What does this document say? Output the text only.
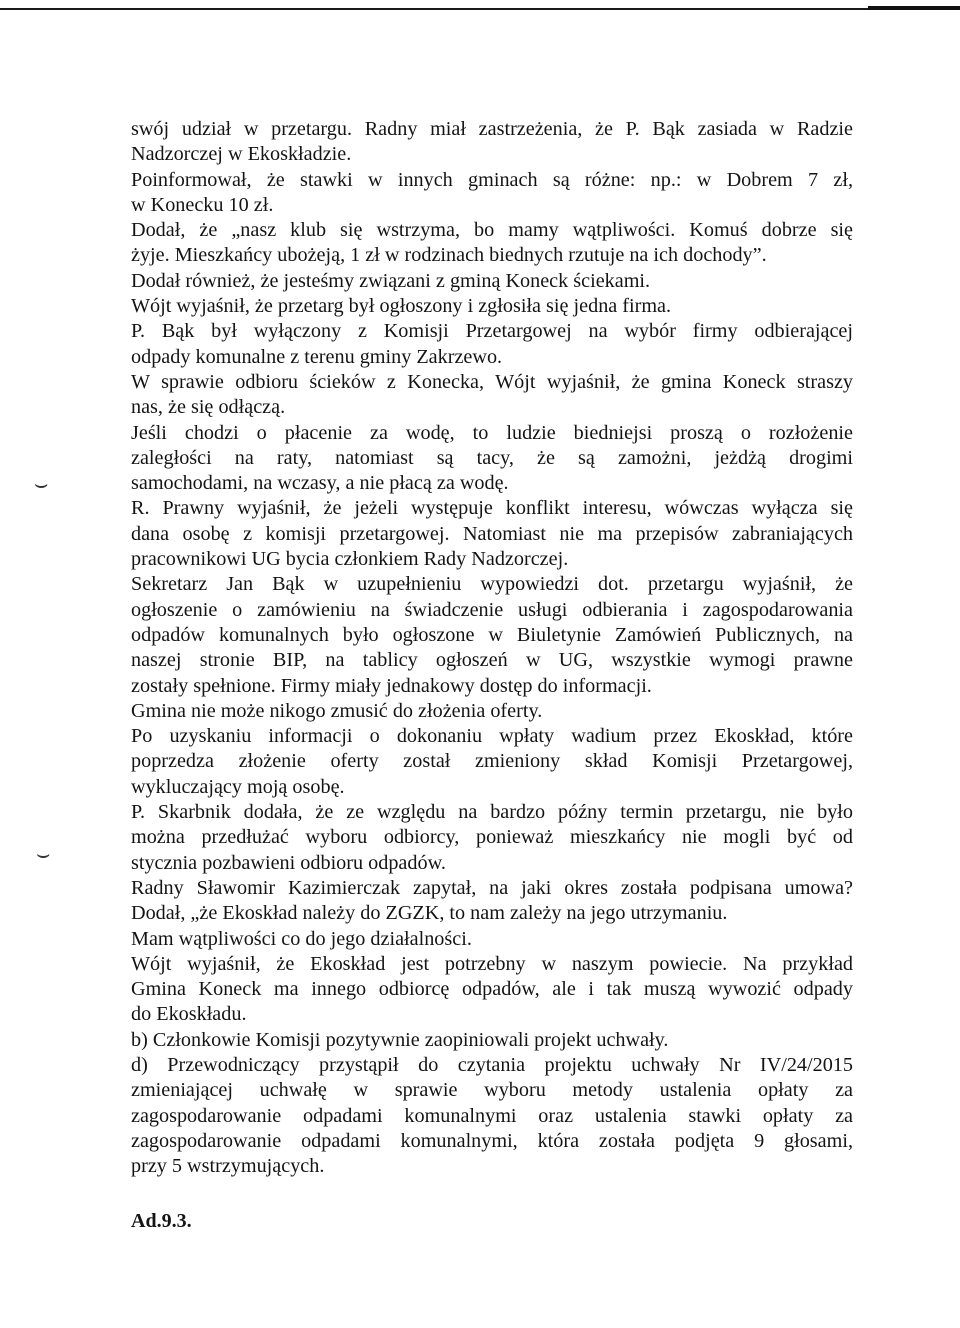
⌣
⌣
swój udział w przetargu. Radny miał zastrzeżenia, że P. Bąk zasiada w Radzie
Nadzorczej w Ekoskładzie.
Poinformował, że stawki w innych gminach są różne: np.: w Dobrem 7 zł,
w Konecku 10 zł.
Dodał, że „nasz klub się wstrzyma, bo mamy wątpliwości. Komuś dobrze się
żyje. Mieszkańcy ubożeją, 1 zł w rodzinach biednych rzutuje na ich dochody”.
Dodał również, że jesteśmy związani z gminą Koneck ściekami.
Wójt wyjaśnił, że przetarg był ogłoszony i zgłosiła się jedna firma.
P. Bąk był wyłączony z Komisji Przetargowej na wybór firmy odbierającej
odpady komunalne z terenu gminy Zakrzewo.
W sprawie odbioru ścieków z Konecka, Wójt wyjaśnił, że gmina Koneck straszy
nas, że się odłączą.
Jeśli chodzi o płacenie za wodę, to ludzie biedniejsi proszą o rozłożenie
zaległości na raty, natomiast są tacy, że są zamożni, jeżdżą drogimi
samochodami, na wczasy, a nie płacą za wodę.
R. Prawny wyjaśnił, że jeżeli występuje konflikt interesu, wówczas wyłącza się
dana osobę z komisji przetargowej. Natomiast nie ma przepisów zabraniających
pracownikowi UG bycia członkiem Rady Nadzorczej.
Sekretarz Jan Bąk w uzupełnieniu wypowiedzi dot. przetargu wyjaśnił, że
ogłoszenie o zamówieniu na świadczenie usługi odbierania i zagospodarowania
odpadów komunalnych było ogłoszone w Biuletynie Zamówień Publicznych, na
naszej stronie BIP, na tablicy ogłoszeń w UG, wszystkie wymogi prawne
zostały spełnione. Firmy miały jednakowy dostęp do informacji.
Gmina nie może nikogo zmusić do złożenia oferty.
Po uzyskaniu informacji o dokonaniu wpłaty wadium przez Ekoskład, które
poprzedza złożenie oferty został zmieniony skład Komisji Przetargowej,
wykluczający moją osobę.
P. Skarbnik dodała, że ze względu na bardzo późny termin przetargu, nie było
można przedłużać wyboru odbiorcy, ponieważ mieszkańcy nie mogli być od
stycznia pozbawieni odbioru odpadów.
Radny Sławomir Kazimierczak zapytał, na jaki okres została podpisana umowa?
Dodał, „że Ekoskład należy do ZGZK, to nam zależy na jego utrzymaniu.
Mam wątpliwości co do jego działalności.
Wójt wyjaśnił, że Ekoskład jest potrzebny w naszym powiecie. Na przykład
Gmina Koneck ma innego odbiorcę odpadów, ale i tak muszą wywozić odpady
do Ekoskładu.
b) Członkowie Komisji pozytywnie zaopiniowali projekt uchwały.
d) Przewodniczący przystąpił do czytania projektu uchwały Nr IV/24/2015
zmieniającej uchwałę w sprawie wyboru metody ustalenia opłaty za
zagospodarowanie odpadami komunalnymi oraz ustalenia stawki opłaty za
zagospodarowanie odpadami komunalnymi, która została podjęta 9 głosami,
przy 5 wstrzymujących.
Ad.9.3.
